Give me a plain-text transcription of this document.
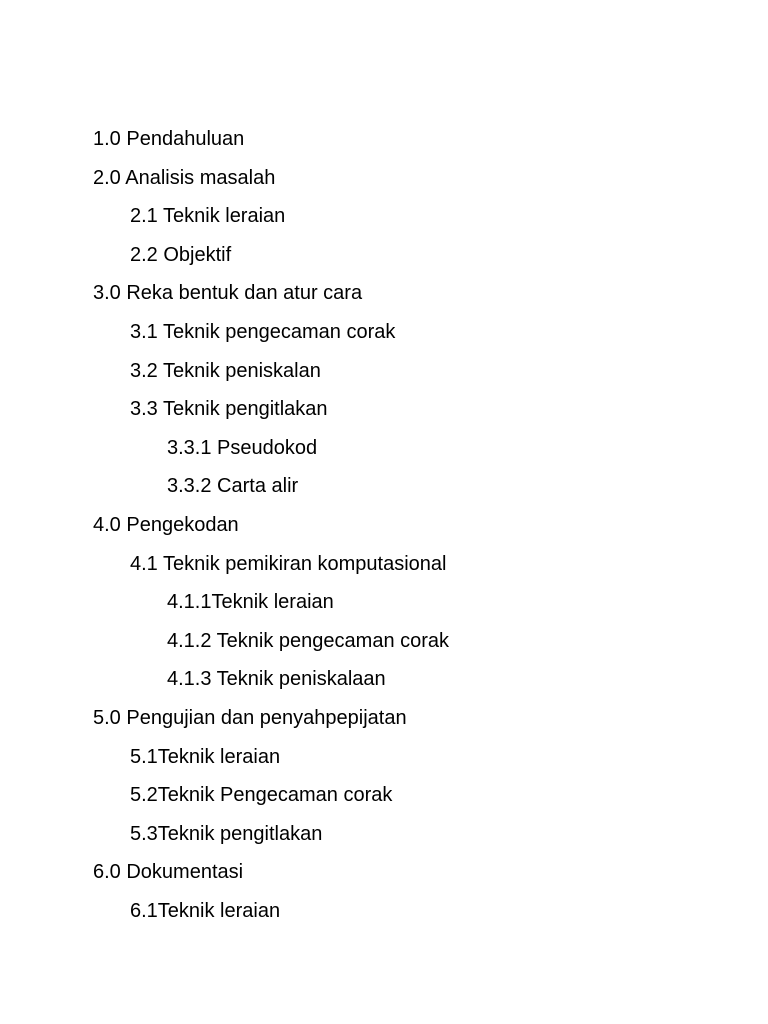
1.0 Pendahuluan
2.0 Analisis masalah
2.1 Teknik leraian
2.2 Objektif
3.0 Reka bentuk dan atur cara
3.1 Teknik pengecaman corak
3.2 Teknik peniskalan
3.3 Teknik pengitlakan
3.3.1 Pseudokod
3.3.2 Carta alir
4.0 Pengekodan
4.1 Teknik pemikiran komputasional
4.1.1Teknik leraian
4.1.2 Teknik pengecaman corak
4.1.3 Teknik peniskalaan
5.0 Pengujian dan penyahpepijatan
5.1Teknik leraian
5.2Teknik Pengecaman corak
5.3Teknik pengitlakan
6.0 Dokumentasi
6.1Teknik leraian
